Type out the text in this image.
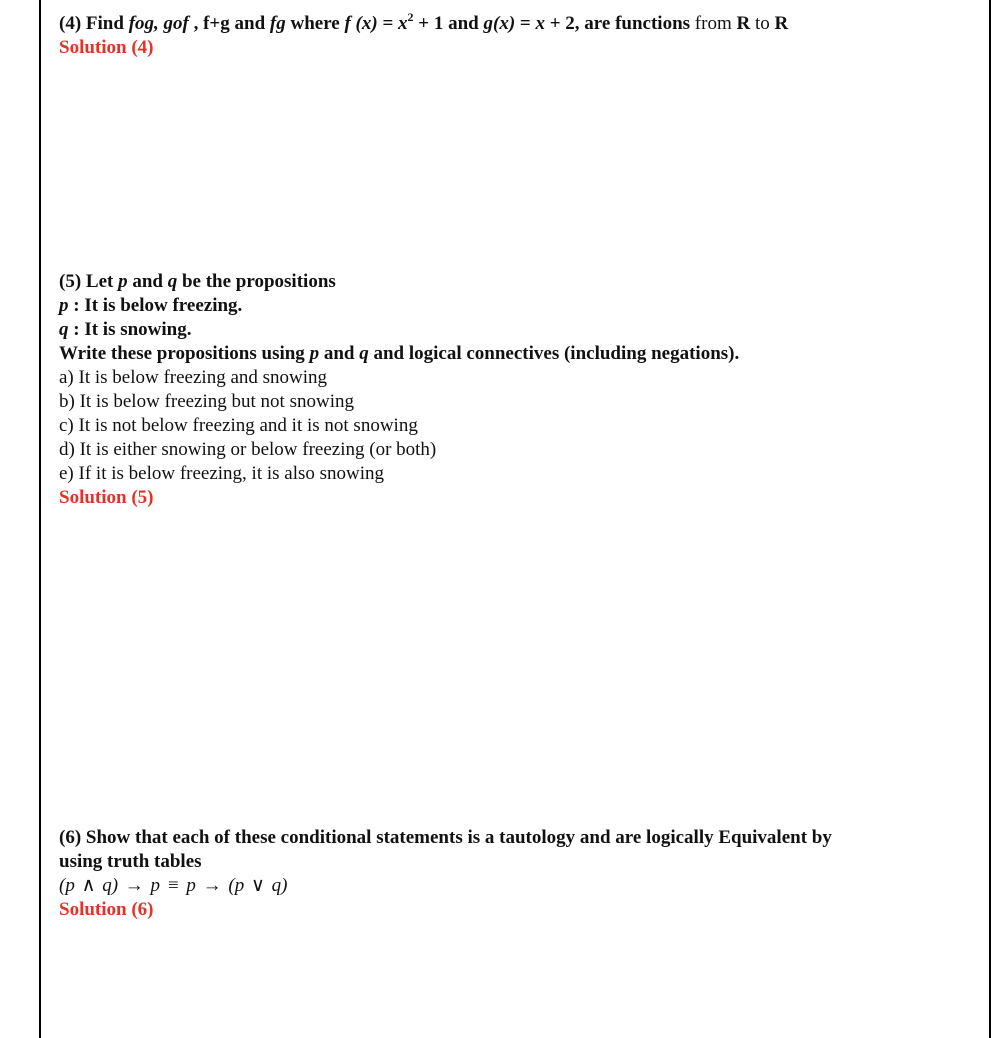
(4) Find fog, gof , f+g and fg where f $(x) = x^2 + 1$ and g(x) = x + 2, are functions from R to R
Solution (4)
(5) Let p and q be the propositions
p : It is below freezing.
q : It is snowing.
Write these propositions using p and q and logical connectives (including negations).
a) It is below freezing and snowing
b) It is below freezing but not snowing
c) It is not below freezing and it is not snowing
d) It is either snowing or below freezing (or both)
e) If it is below freezing, it is also snowing
Solution (5)
(6) Show that each of these conditional statements is a tautology and are logically Equivalent by
using truth tables
(p ∧ q) → p ≡ p → (p ∨ q)
Solution (6)
